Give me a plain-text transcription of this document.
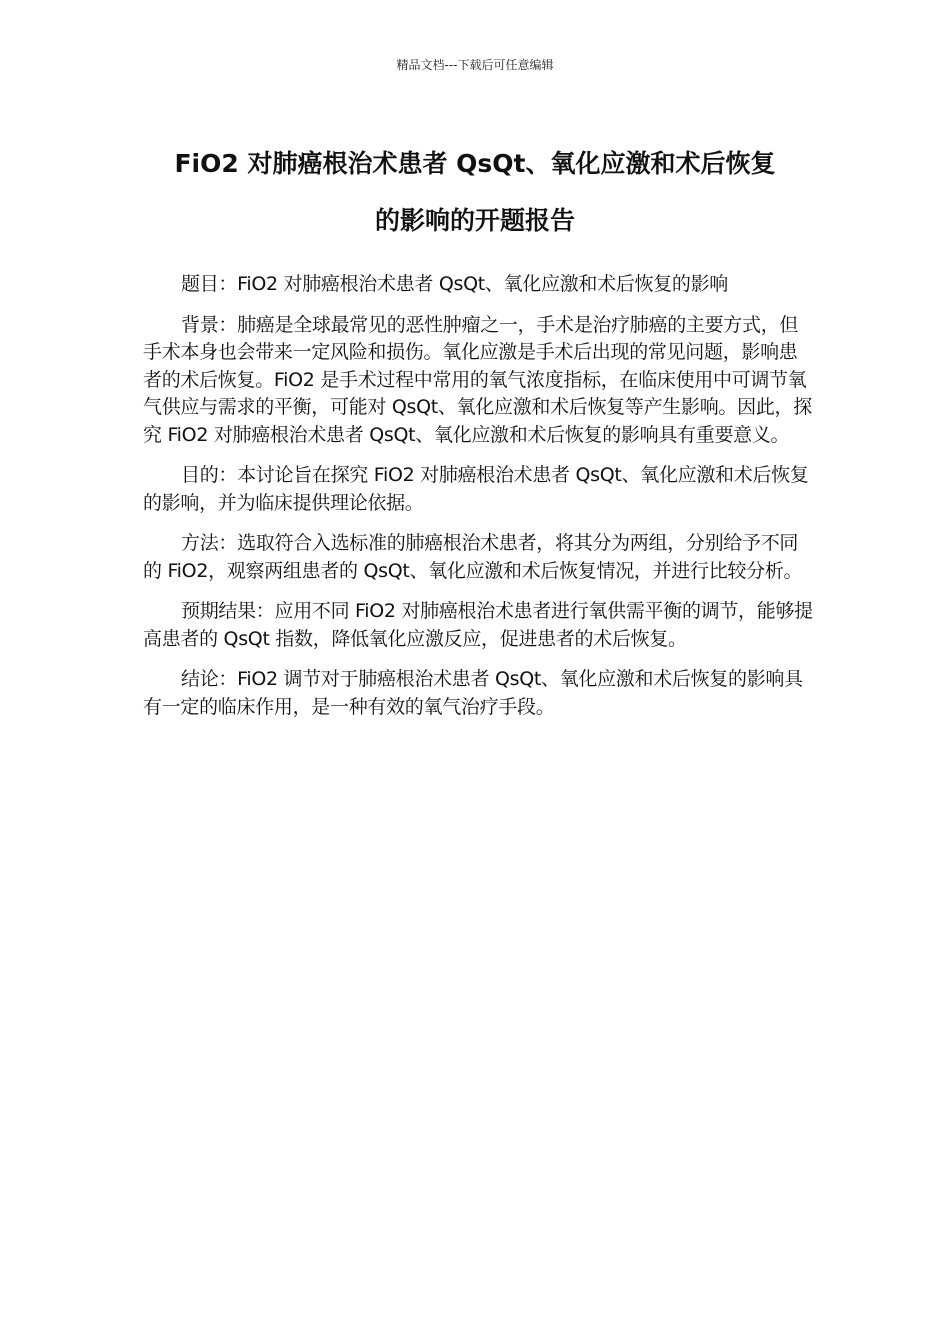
精品文档---下载后可任意编辑
FiO2 对肺癌根治术患者 QsQt、氧化应激和术后恢复
的影响的开题报告

题目：FiO2 对肺癌根治术患者 QsQt、氧化应激和术后恢复的影响

背景：肺癌是全球最常见的恶性肿瘤之一，手术是治疗肺癌的主要方式，但手术本身也会带来一定风险和损伤。氧化应激是手术后出现的常见问题，影响患者的术后恢复。FiO2 是手术过程中常用的氧气浓度指标，在临床使用中可调节氧气供应与需求的平衡，可能对 QsQt、氧化应激和术后恢复等产生影响。因此，探究 FiO2 对肺癌根治术患者 QsQt、氧化应激和术后恢复的影响具有重要意义。

目的：本讨论旨在探究 FiO2 对肺癌根治术患者 QsQt、氧化应激和术后恢复的影响，并为临床提供理论依据。

方法：选取符合入选标准的肺癌根治术患者，将其分为两组，分别给予不同的 FiO2，观察两组患者的 QsQt、氧化应激和术后恢复情况，并进行比较分析。

预期结果：应用不同 FiO2 对肺癌根治术患者进行氧供需平衡的调节，能够提高患者的 QsQt 指数，降低氧化应激反应，促进患者的术后恢复。

结论：FiO2 调节对于肺癌根治术患者 QsQt、氧化应激和术后恢复的影响具有一定的临床作用，是一种有效的氧气治疗手段。
